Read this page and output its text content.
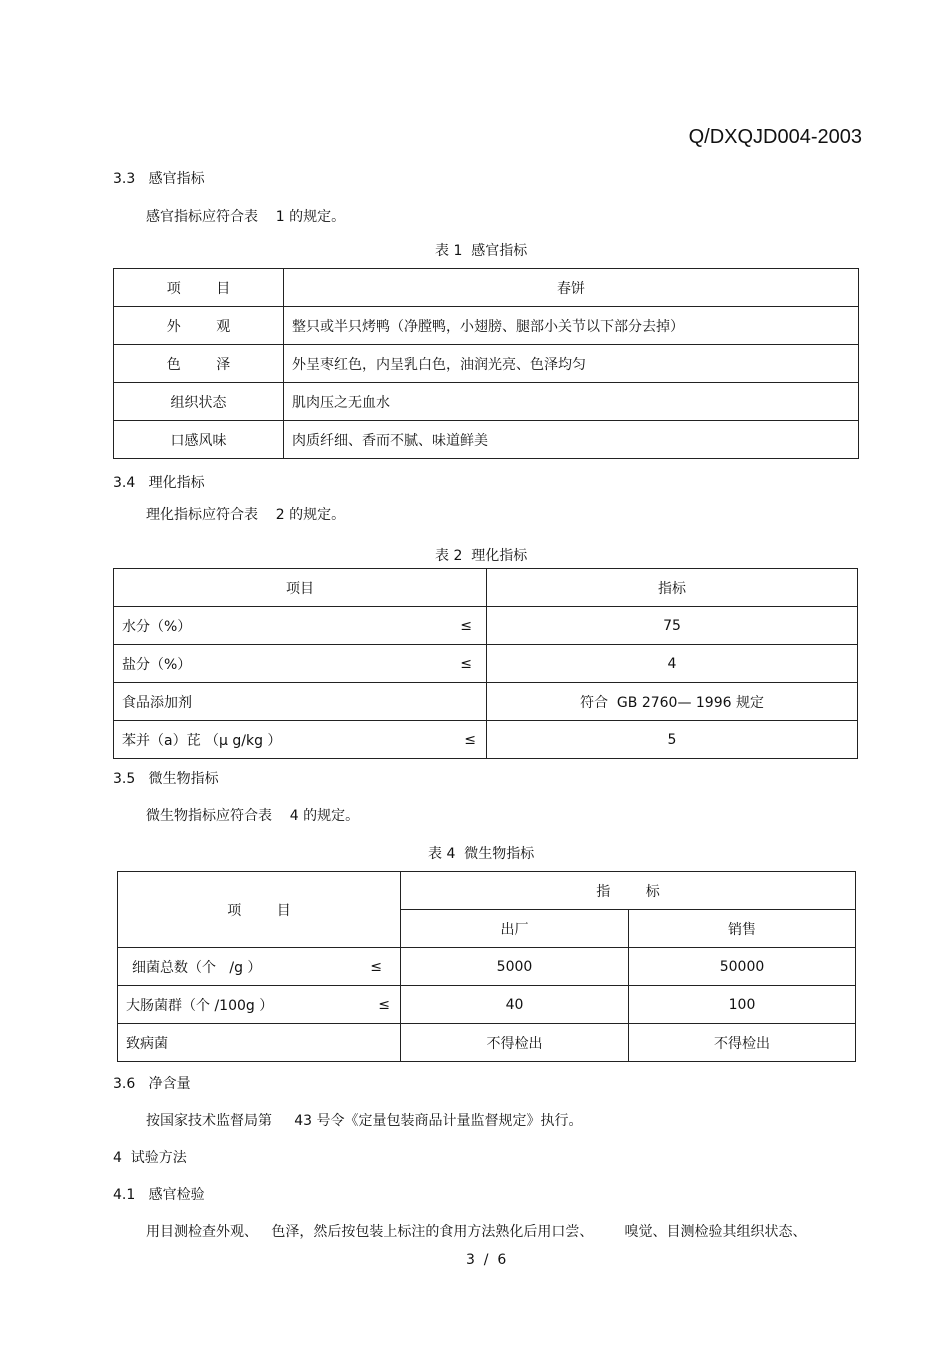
Q/DXQJD004-2003
3.3   感官指标
感官指标应符合表    1 的规定。
表 1  感官指标
项        目	春饼
外        观	整只或半只烤鸭（净膛鸭，小翅膀、腿部小关节以下部分去掉）
色        泽	外呈枣红色，内呈乳白色，油润光亮、色泽均匀
组织状态	肌肉压之无血水
口感风味	肉质纤细、香而不腻、味道鲜美
3.4   理化指标
理化指标应符合表    2 的规定。
表 2  理化指标
项目	指标
水分（%） ≤	75
盐分（%） ≤	4
食品添加剂	符合  GB 2760— 1996 规定
苯并（a）芘 （μ g/kg ） ≤	5
3.5   微生物指标
微生物指标应符合表    4 的规定。
表 4  微生物指标
项        目	指        标	
	出厂	销售
细菌总数（个   /g ） ≤	5000	50000
大肠菌群（个 /100g ） ≤	40	100
致病菌	不得检出	不得检出
3.6   净含量
按国家技术监督局第     43 号令《定量包装商品计量监督规定》执行。
4  试验方法
4.1   感官检验
用目测检查外观、   色泽，然后按包装上标注的食用方法熟化后用口尝、       嗅觉、目测检验其组织状态、
3  /  6
